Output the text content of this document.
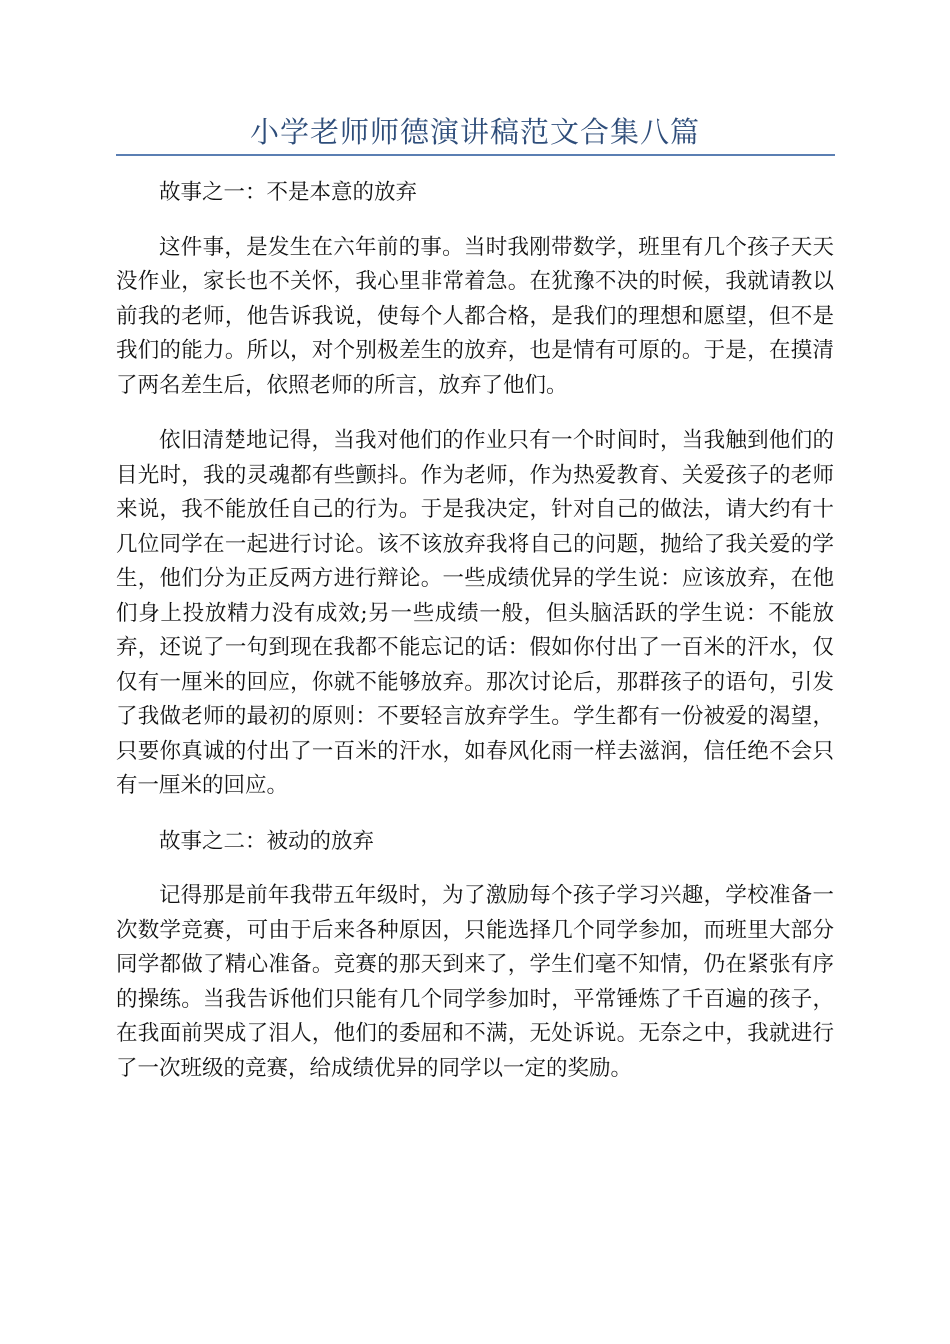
小学老师师德演讲稿范文合集八篇

故事之一：不是本意的放弃

这件事，是发生在六年前的事。当时我刚带数学，班里有几个孩子天天没作业，家长也不关怀，我心里非常着急。在犹豫不决的时候，我就请教以前我的老师，他告诉我说，使每个人都合格，是我们的理想和愿望，但不是我们的能力。所以，对个别极差生的放弃，也是情有可原的。于是，在摸清了两名差生后，依照老师的所言，放弃了他们。

依旧清楚地记得，当我对他们的作业只有一个时间时，当我触到他们的目光时，我的灵魂都有些颤抖。作为老师，作为热爱教育、关爱孩子的老师来说，我不能放任自己的行为。于是我决定，针对自己的做法，请大约有十几位同学在一起进行讨论。该不该放弃我将自己的问题，抛给了我关爱的学生，他们分为正反两方进行辩论。一些成绩优异的学生说：应该放弃，在他们身上投放精力没有成效;另一些成绩一般，但头脑活跃的学生说：不能放弃，还说了一句到现在我都不能忘记的话：假如你付出了一百米的汗水，仅仅有一厘米的回应，你就不能够放弃。那次讨论后，那群孩子的语句，引发了我做老师的最初的原则：不要轻言放弃学生。学生都有一份被爱的渴望，只要你真诚的付出了一百米的汗水，如春风化雨一样去滋润，信任绝不会只有一厘米的回应。

故事之二：被动的放弃

记得那是前年我带五年级时，为了激励每个孩子学习兴趣，学校准备一次数学竞赛，可由于后来各种原因，只能选择几个同学参加，而班里大部分同学都做了精心准备。竞赛的那天到来了，学生们毫不知情，仍在紧张有序的操练。当我告诉他们只能有几个同学参加时，平常锤炼了千百遍的孩子，在我面前哭成了泪人，他们的委屈和不满，无处诉说。无奈之中，我就进行了一次班级的竞赛，给成绩优异的同学以一定的奖励。
